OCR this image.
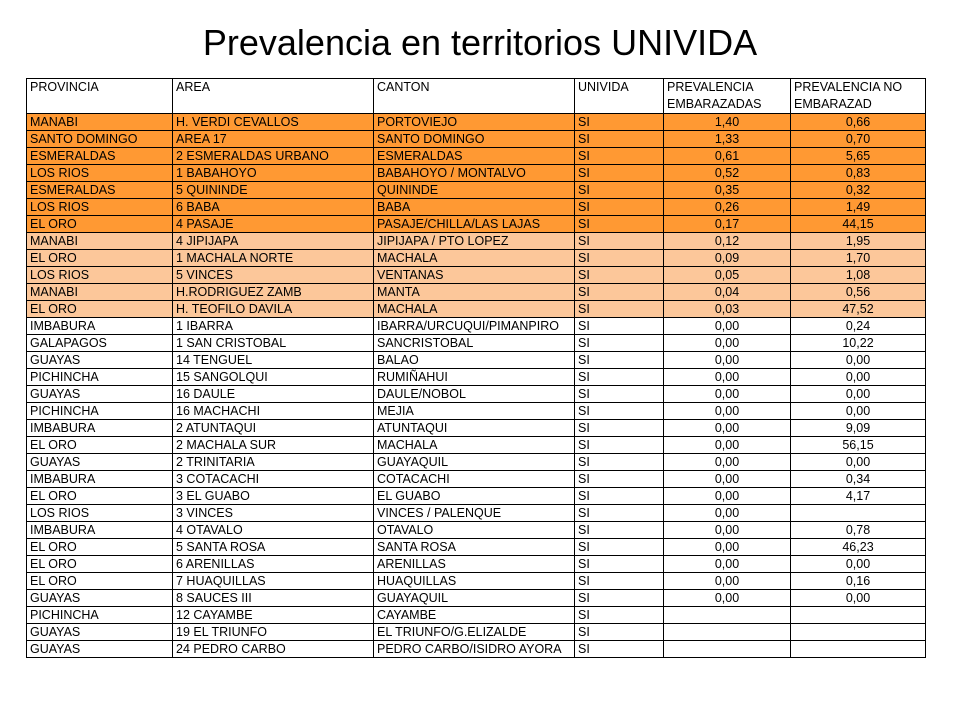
Prevalencia en territorios UNIVIDA
PROVINCIA	AREA	CANTON	UNIVIDA	PREVALENCIA	PREVALENCIA NO
				EMBARAZADAS	EMBARAZAD
MANABI	H. VERDI CEVALLOS	PORTOVIEJO	SI	1,40	0,66
SANTO DOMINGO	AREA 17	SANTO DOMINGO	SI	1,33	0,70
ESMERALDAS	2 ESMERALDAS URBANO	ESMERALDAS	SI	0,61	5,65
LOS RIOS	1 BABAHOYO	BABAHOYO / MONTALVO	SI	0,52	0,83
ESMERALDAS	5 QUININDE	QUININDE	SI	0,35	0,32
LOS RIOS	6 BABA	BABA	SI	0,26	1,49
EL ORO	4 PASAJE	PASAJE/CHILLA/LAS LAJAS	SI	0,17	44,15
MANABI	4 JIPIJAPA	JIPIJAPA / PTO LOPEZ	SI	0,12	1,95
EL ORO	1 MACHALA NORTE	MACHALA	SI	0,09	1,70
LOS RIOS	5 VINCES	VENTANAS	SI	0,05	1,08
MANABI	H.RODRIGUEZ ZAMB	MANTA	SI	0,04	0,56
EL ORO	H. TEOFILO DAVILA	MACHALA	SI	0,03	47,52
IMBABURA	1 IBARRA	IBARRA/URCUQUI/PIMANPIRO	SI	0,00	0,24
GALAPAGOS	1 SAN CRISTOBAL	SANCRISTOBAL	SI	0,00	10,22
GUAYAS	14 TENGUEL	BALAO	SI	0,00	0,00
PICHINCHA	15 SANGOLQUI	RUMIÑAHUI	SI	0,00	0,00
GUAYAS	16 DAULE	DAULE/NOBOL	SI	0,00	0,00
PICHINCHA	16 MACHACHI	MEJIA	SI	0,00	0,00
IMBABURA	2 ATUNTAQUI	ATUNTAQUI	SI	0,00	9,09
EL ORO	2 MACHALA SUR	MACHALA	SI	0,00	56,15
GUAYAS	2 TRINITARIA	GUAYAQUIL	SI	0,00	0,00
IMBABURA	3 COTACACHI	COTACACHI	SI	0,00	0,34
EL ORO	3 EL GUABO	EL GUABO	SI	0,00	4,17
LOS RIOS	3 VINCES	VINCES / PALENQUE	SI	0,00	
IMBABURA	4 OTAVALO	OTAVALO	SI	0,00	0,78
EL ORO	5 SANTA ROSA	SANTA ROSA	SI	0,00	46,23
EL ORO	6 ARENILLAS	ARENILLAS	SI	0,00	0,00
EL ORO	7 HUAQUILLAS	HUAQUILLAS	SI	0,00	0,16
GUAYAS	8 SAUCES III	GUAYAQUIL	SI	0,00	0,00
PICHINCHA	12 CAYAMBE	CAYAMBE	SI		
GUAYAS	19 EL TRIUNFO	EL TRIUNFO/G.ELIZALDE	SI		
GUAYAS	24 PEDRO CARBO	PEDRO CARBO/ISIDRO AYORA	SI		
